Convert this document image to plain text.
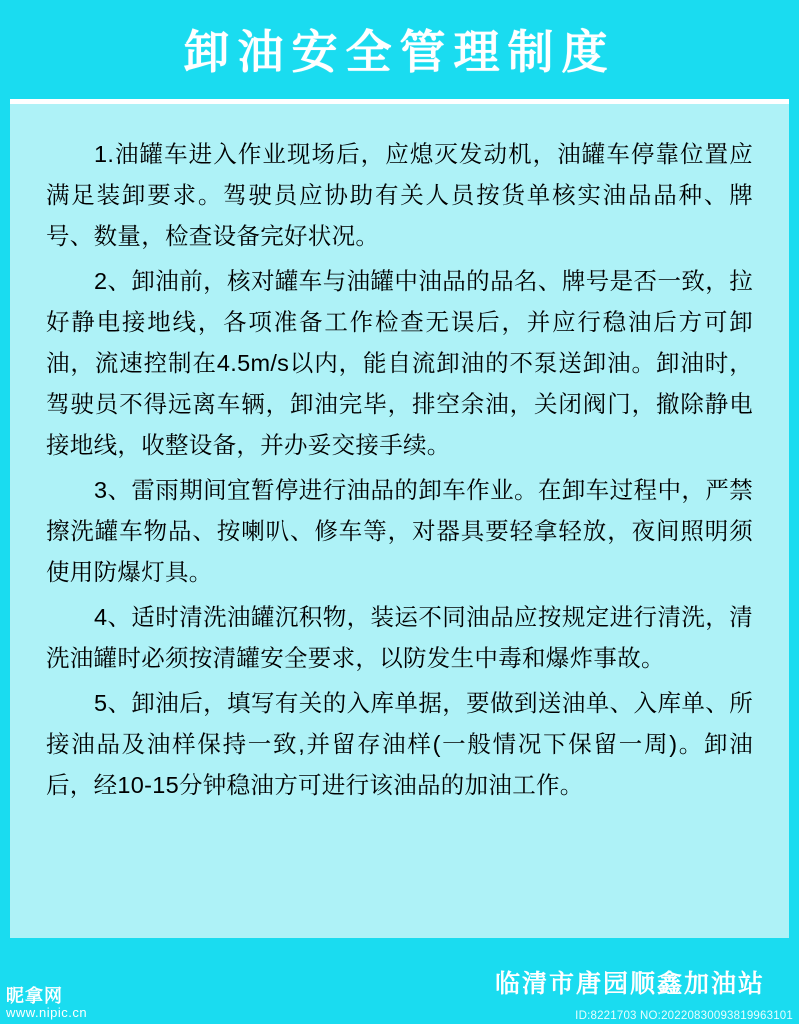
卸油安全管理制度

1.油罐车进入作业现场后，应熄灭发动机，油罐车停靠位置应满足装卸要求。驾驶员应协助有关人员按货单核实油品品种、牌号、数量，检查设备完好状况。

2、卸油前，核对罐车与油罐中油品的品名、牌号是否一致，拉好静电接地线，各项准备工作检查无误后，并应行稳油后方可卸油，流速控制在4.5m/s以内，能自流卸油的不泵送卸油。卸油时，驾驶员不得远离车辆，卸油完毕，排空余油，关闭阀门，撤除静电接地线，收整设备，并办妥交接手续。

3、雷雨期间宜暂停进行油品的卸车作业。在卸车过程中，严禁擦洗罐车物品、按喇叭、修车等，对器具要轻拿轻放，夜间照明须使用防爆灯具。

4、适时清洗油罐沉积物，装运不同油品应按规定进行清洗，清洗油罐时必须按清罐安全要求，以防发生中毒和爆炸事故。

5、卸油后，填写有关的入库单据，要做到送油单、入库单、所接油品及油样保持一致,并留存油样(一般情况下保留一周)。卸油后，经10-15分钟稳油方可进行该油品的加油工作。

临清市唐园顺鑫加油站
昵拿网
www.nipic.cn	ID:8221703 NO:20220830093819963101
